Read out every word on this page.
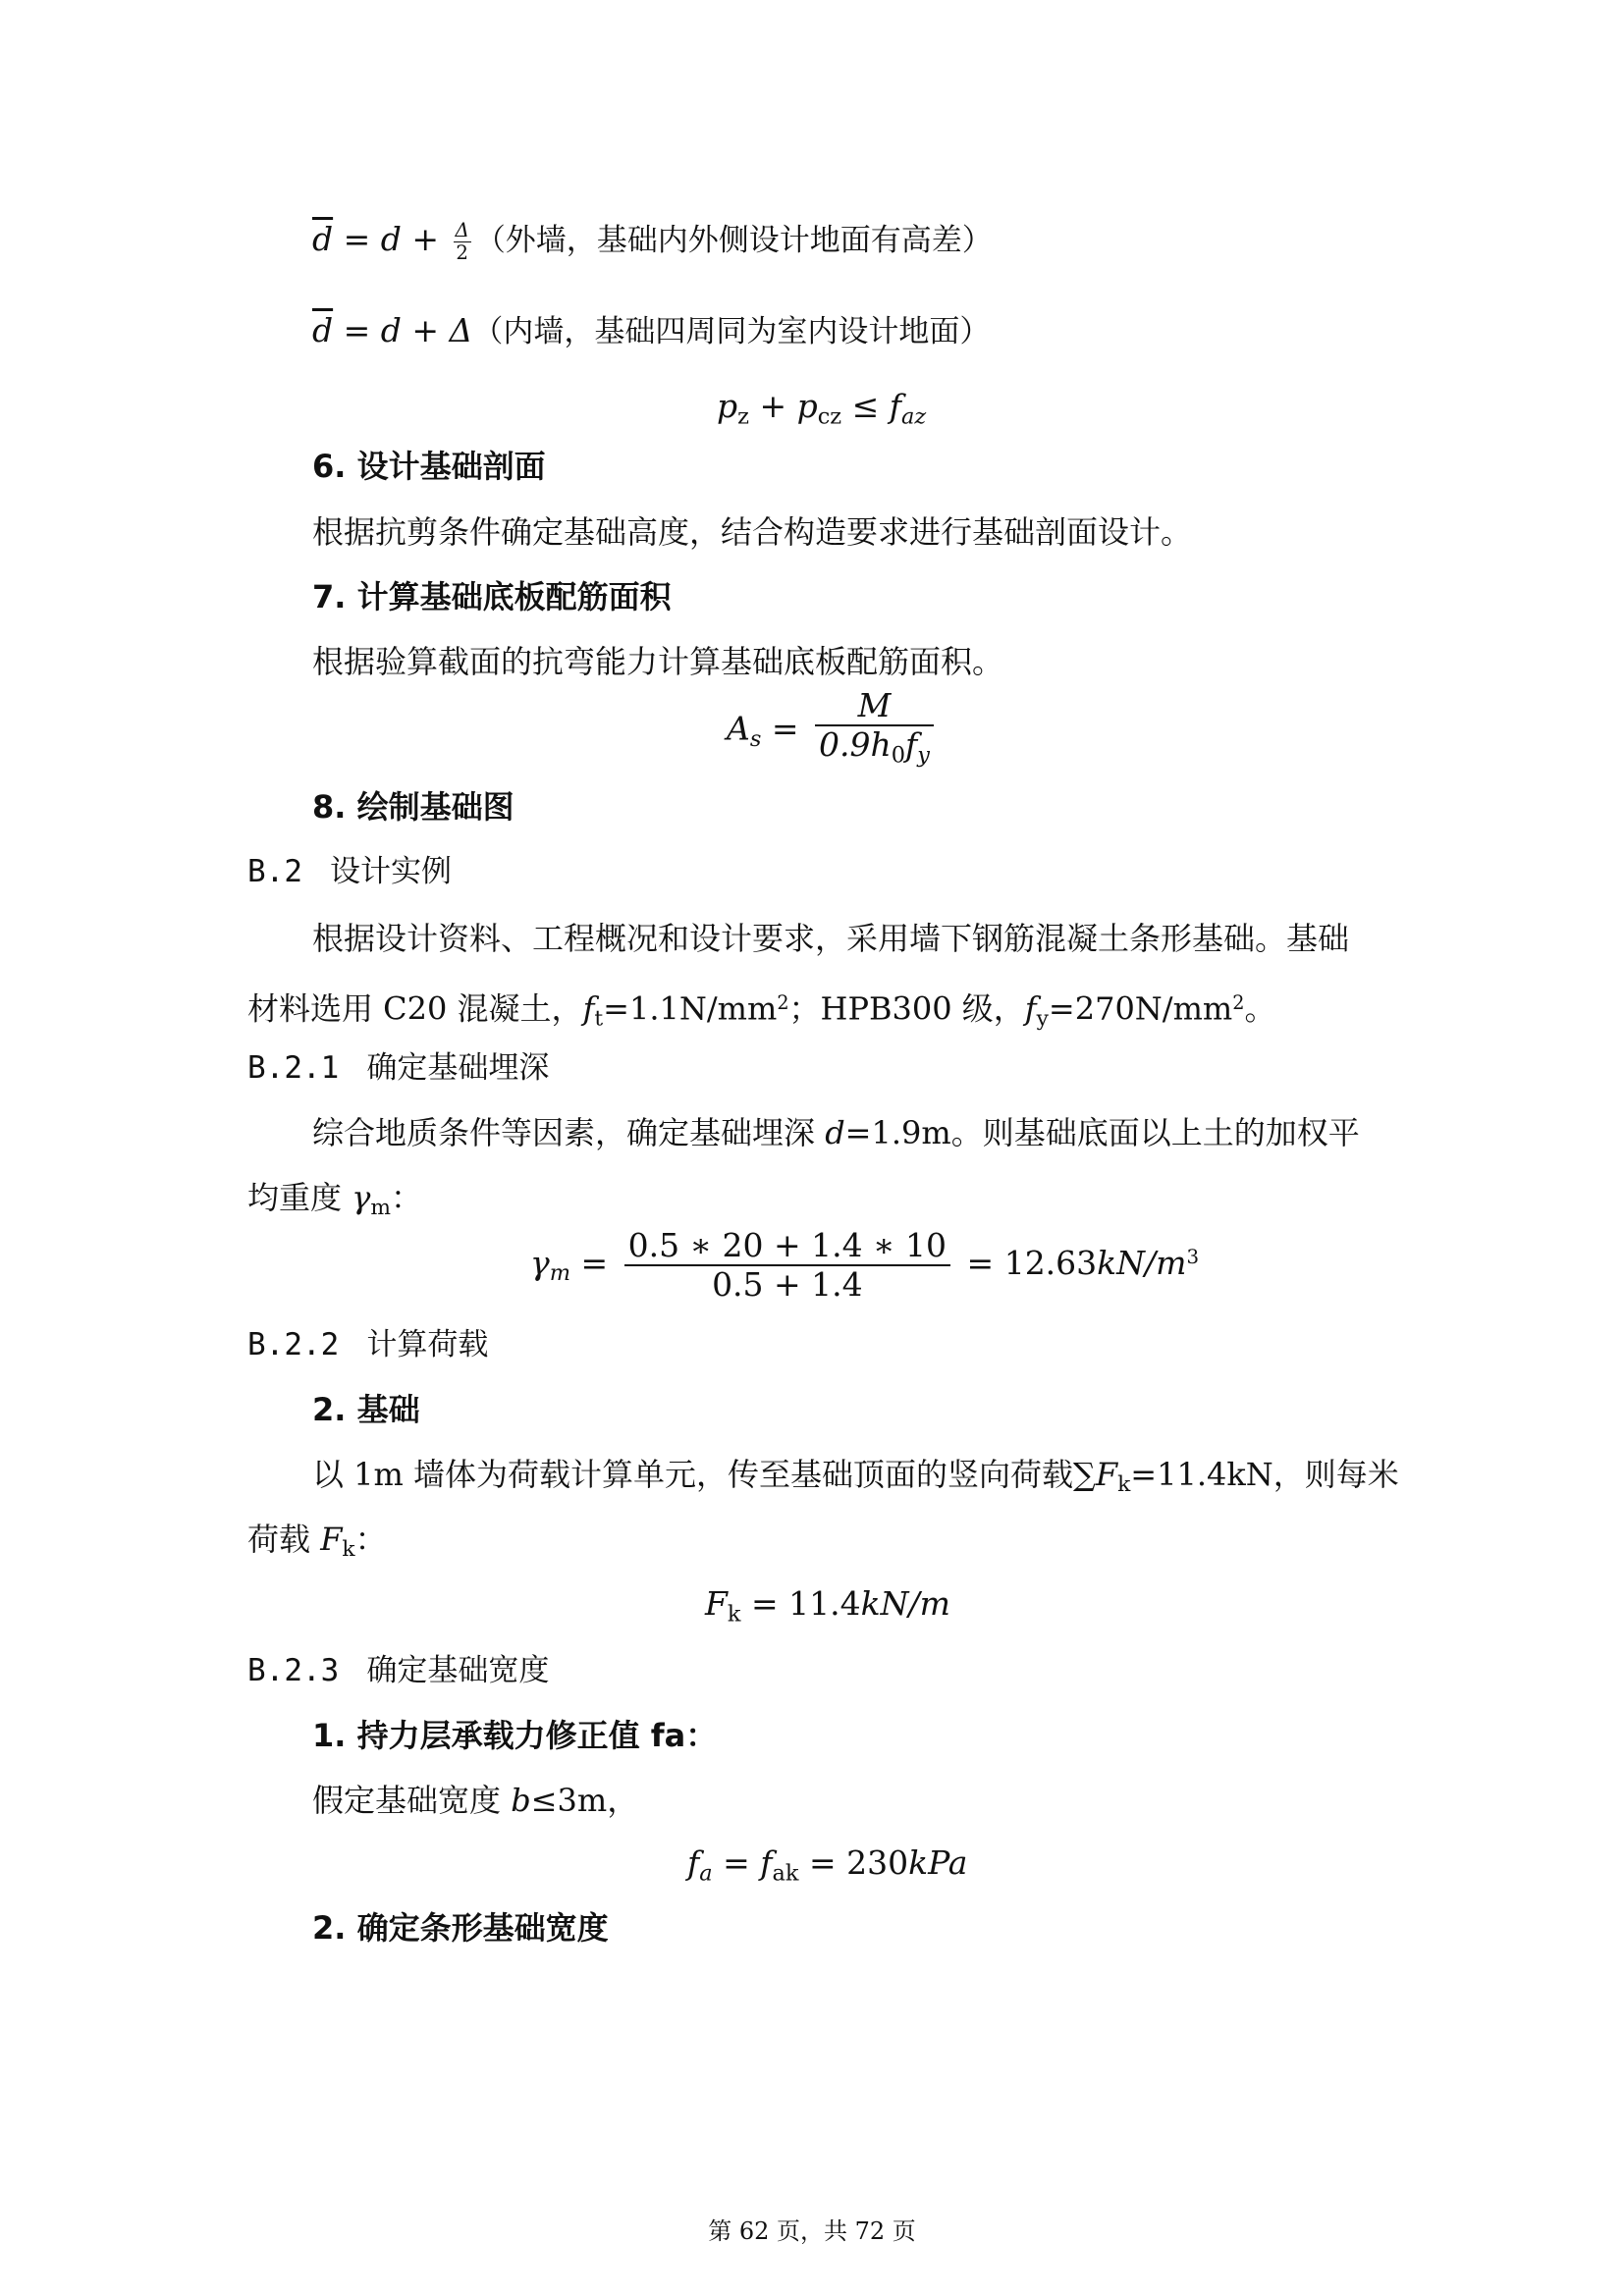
$\overline{d} = d + \frac{\Delta}{2}$ （外墙，基础内外侧设计地面有高差）
$\overline{d} = d + \Delta$（内墙，基础四周同为室内设计地面）
$p_z + p_{cz} \le f_{az}$
6. 设计基础剖面
根据抗剪条件确定基础高度，结合构造要求进行基础剖面设计。
7. 计算基础底板配筋面积
根据验算截面的抗弯能力计算基础底板配筋面积。
$A_s = \frac{M}{0.9h_0f_y}$
8. 绘制基础图
B.2 设计实例
根据设计资料、工程概况和设计要求，采用墙下钢筋混凝土条形基础。基础
材料选用 C20 混凝土，$f_t=1.1N/mm^2$；HPB300 级，$f_y=270N/mm^2$。
B.2.1 确定基础埋深
综合地质条件等因素，确定基础埋深 d=1.9m。则基础底面以上土的加权平
均重度 $\gamma_m$：
$\gamma_m = \frac{0.5 ∗ 20 + 1.4 ∗ 10}{0.5 + 1.4} = 12.63kN/m^3$
B.2.2 计算荷载
2. 基础
以 1m 墙体为荷载计算单元，传至基础顶面的竖向荷载$\sum F_k=11.4kN$，则每米
荷载 $F_k$：
$F_k = 11.4kN/m$
B.2.3 确定基础宽度
1. 持力层承载力修正值 fa：
假定基础宽度 b≤3m，
$f_a = f_{ak} = 230kPa$
2. 确定条形基础宽度
第 62 页，共 72 页
